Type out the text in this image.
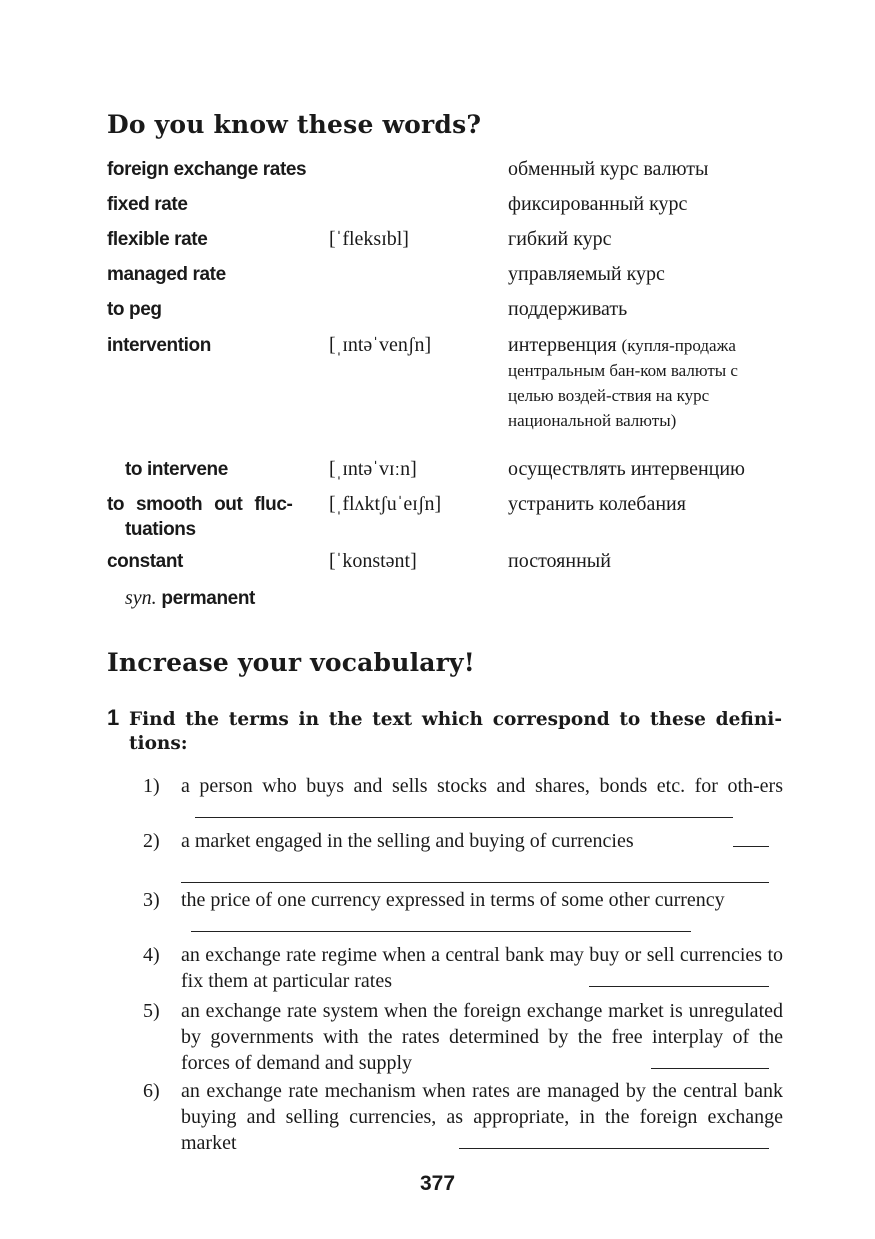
Do you know these words?
foreign exchange rates	обменный курс валюты
fixed rate	фиксированный курс
flexible rate	[ˈfleksɪbl]	гибкий курс
managed rate	управляемый курс
to peg	поддерживать
intervention	[ˌɪntəˈvenʃn]	интервенция (купля-продажа центральным бан-ком валюты с целью воздей-ствия на курс национальной валюты)
to intervene	[ˌɪntəˈvɪːn]	осуществлять интервенцию
to smooth out fluc-
tuations
[ˌflʌktʃuˈeɪʃn]	устранить колебания
constant	[ˈkonstənt]	постоянный
syn. permanent
Increase your vocabulary!
1 Find the terms in the text which correspond to these defini-tions:

1) a person who buys and sells stocks and shares, bonds etc. for oth-ers
2) a market engaged in the selling and buying of currencies
3) the price of one currency expressed in terms of some other currency
4) an exchange rate regime when a central bank may buy or sell currencies to fix them at particular rates
5) an exchange rate system when the foreign exchange market is unregulated by governments with the rates determined by the free interplay of the forces of demand and supply
6) an exchange rate mechanism when rates are managed by the central bank buying and selling currencies, as appropriate, in the foreign exchange market
377
